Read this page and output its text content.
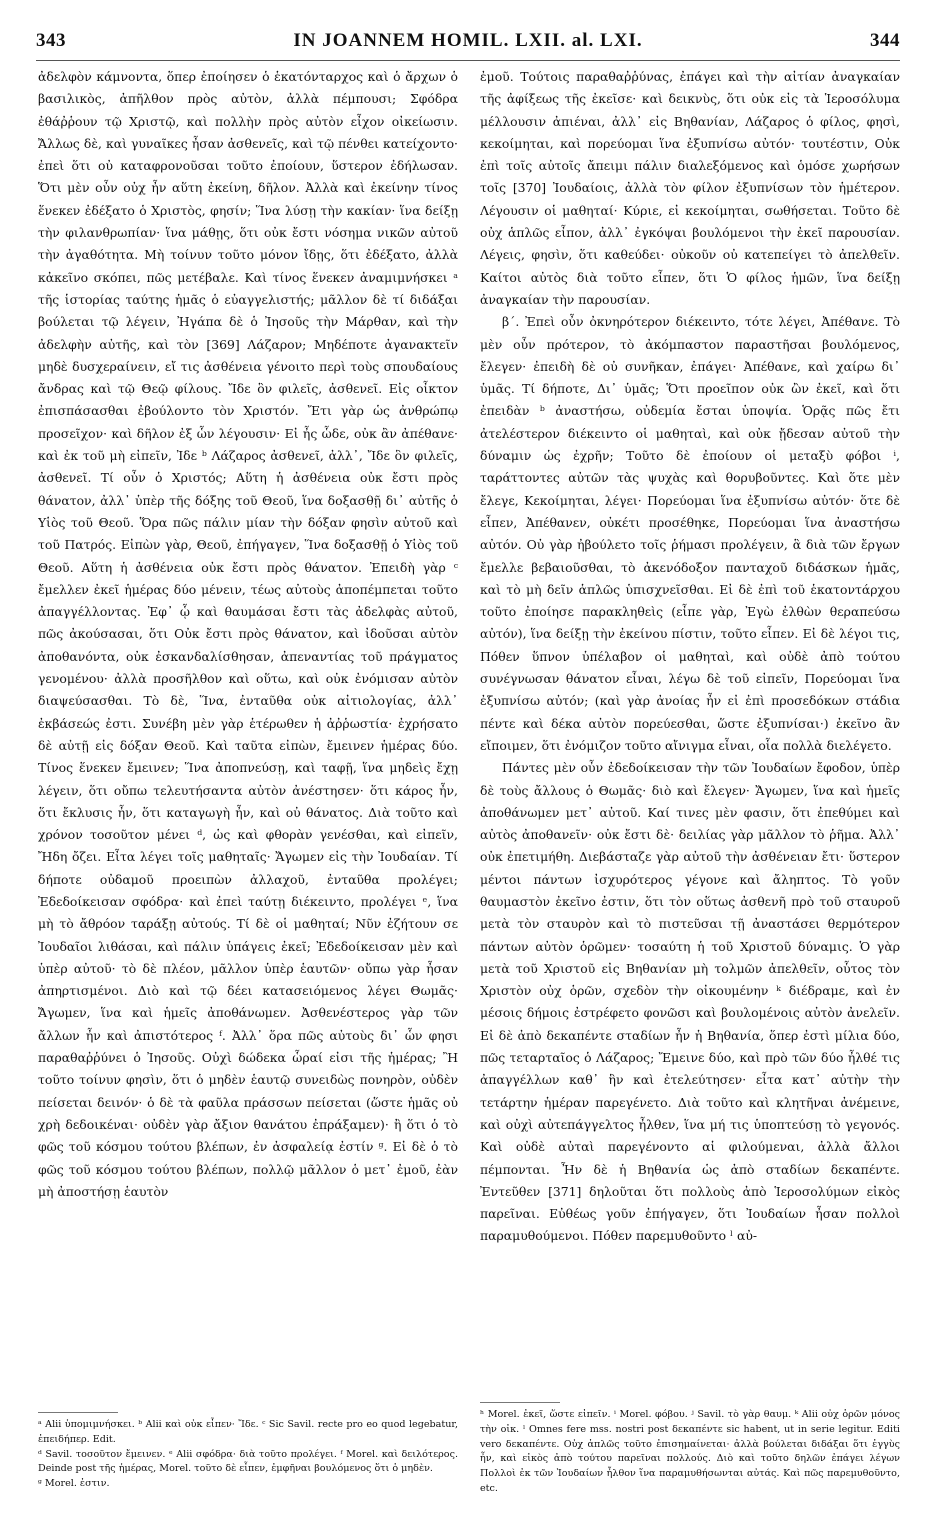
343	IN JOANNEM HOMIL. LXII. al. LXI.	344

ἀδελφὸν κάμνοντα, ὅπερ ἐποίησεν ὁ ἑκατόνταρχος καὶ ὁ ἄρχων ὁ βασιλικὸς, ἀπῆλθον πρὸς αὐτὸν, ἀλλὰ πέμπουσι; Σφόδρα ἐθάῤῥουν τῷ Χριστῷ, καὶ πολλὴν πρὸς αὐτὸν εἶχον οἰκείωσιν. Ἄλλως δὲ, καὶ γυναῖκες ἦσαν ἀσθενεῖς, καὶ τῷ πένθει κατείχοντο· ἐπεὶ ὅτι οὐ καταφρονοῦσαι τοῦτο ἐποίουν, ὕστερον ἐδήλωσαν. Ὅτι μὲν οὖν οὐχ ἦν αὕτη ἐκείνη, δῆλον. Ἀλλὰ καὶ ἐκείνην τίνος ἕνεκεν ἐδέξατο ὁ Χριστὸς, φησίν; Ἵνα λύσῃ τὴν κακίαν· ἵνα δείξῃ τὴν φιλανθρωπίαν· ἵνα μάθῃς, ὅτι οὐκ ἔστι νόσημα νικῶν αὐτοῦ τὴν ἀγαθότητα. Μὴ τοίνυν τοῦτο μόνον ἴδῃς, ὅτι ἐδέξατο, ἀλλὰ κἀκεῖνο σκόπει, πῶς μετέβαλε. Καὶ τίνος ἕνεκεν ἀναμιμνήσκει ᵃ τῆς ἱστορίας ταύτης ἡμᾶς ὁ εὐαγγελιστής; μᾶλλον δὲ τί διδάξαι βούλεται τῷ λέγειν, Ἠγάπα δὲ ὁ Ἰησοῦς τὴν Μάρθαν, καὶ τὴν ἀδελφὴν αὐτῆς, καὶ τὸν [369] Λάζαρον; Μηδέποτε ἀγανακτεῖν μηδὲ δυσχεραίνειν, εἴ τις ἀσθένεια γένοιτο περὶ τοὺς σπουδαίους ἄνδρας καὶ τῷ Θεῷ φίλους. Ἴδε ὃν φιλεῖς, ἀσθενεῖ. Εἰς οἶκτον ἐπισπάσασθαι ἐβούλοντο τὸν Χριστόν. Ἔτι γὰρ ὡς ἀνθρώπῳ προσεῖχον· καὶ δῆλον ἐξ ὧν λέγουσιν· Εἰ ἦς ὧδε, οὐκ ἂν ἀπέθανε· καὶ ἐκ τοῦ μὴ εἰπεῖν, Ἰδε ᵇ Λάζαρος ἀσθενεῖ, ἀλλ᾽, Ἴδε ὃν φιλεῖς, ἀσθενεῖ. Τί οὖν ὁ Χριστός; Αὕτη ἡ ἀσθένεια οὐκ ἔστι πρὸς θάνατον, ἀλλ᾽ ὑπὲρ τῆς δόξης τοῦ Θεοῦ, ἵνα δοξασθῇ δι᾽ αὐτῆς ὁ Υἱὸς τοῦ Θεοῦ. Ὅρα πῶς πάλιν μίαν τὴν δόξαν φησὶν αὐτοῦ καὶ τοῦ Πατρός. Εἰπὼν γὰρ, Θεοῦ, ἐπήγαγεν, Ἵνα δοξασθῇ ὁ Υἱὸς τοῦ Θεοῦ. Αὕτη ἡ ἀσθένεια οὐκ ἔστι πρὸς θάνατον. Ἐπειδὴ γὰρ ᶜ ἔμελλεν ἐκεῖ ἡμέρας δύο μένειν, τέως αὐτοὺς ἀποπέμπεται τοῦτο ἀπαγγέλλοντας. Ἐφ᾽ ᾧ καὶ θαυμάσαι ἔστι τὰς ἀδελφὰς αὐτοῦ, πῶς ἀκούσασαι, ὅτι Οὐκ ἔστι πρὸς θάνατον, καὶ ἰδοῦσαι αὐτὸν ἀποθανόντα, οὐκ ἐσκανδαλίσθησαν, ἀπεναντίας τοῦ πράγματος γενομένου· ἀλλὰ προσῆλθον καὶ οὕτω, καὶ οὐκ ἐνόμισαν αὐτὸν διαψεύσασθαι. Τὸ δὲ, Ἵνα, ἐνταῦθα οὐκ αἰτιολογίας, ἀλλ᾽ ἐκβάσεώς ἐστι. Συνέβη μὲν γὰρ ἑτέρωθεν ἡ ἀῤῥωστία· ἐχρήσατο δὲ αὐτῇ εἰς δόξαν Θεοῦ. Καὶ ταῦτα εἰπὼν, ἔμεινεν ἡμέρας δύο. Τίνος ἕνεκεν ἔμεινεν; Ἵνα ἀποπνεύσῃ, καὶ ταφῇ, ἵνα μηδεὶς ἔχῃ λέγειν, ὅτι οὔπω τελευτήσαντα αὐτὸν ἀνέστησεν· ὅτι κάρος ἦν, ὅτι ἔκλυσις ἦν, ὅτι καταγωγὴ ἦν, καὶ οὐ θάνατος. Διὰ τοῦτο καὶ χρόνον τοσοῦτον μένει ᵈ, ὡς καὶ φθορὰν γενέσθαι, καὶ εἰπεῖν, Ἤδη ὄζει. Εἶτα λέγει τοῖς μαθηταῖς· Ἄγωμεν εἰς τὴν Ἰουδαίαν. Τί δήποτε οὐδαμοῦ προειπὼν ἀλλαχοῦ, ἐνταῦθα προλέγει; Ἐδεδοίκεισαν σφόδρα· καὶ ἐπεὶ ταύτῃ διέκειντο, προλέγει ᵉ, ἵνα μὴ τὸ ἄθρόον ταράξῃ αὐτούς. Τί δὲ οἱ μαθηταί; Νῦν ἐζήτουν σε Ἰουδαῖοι λιθάσαι, καὶ πάλιν ὑπάγεις ἐκεῖ; Ἐδεδοίκεισαν μὲν καὶ ὑπὲρ αὐτοῦ· τὸ δὲ πλέον, μᾶλλον ὑπὲρ ἑαυτῶν· οὔπω γὰρ ἦσαν ἀπηρτισμένοι. Διὸ καὶ τῷ δέει κατασειόμενος λέγει Θωμᾶς· Ἄγωμεν, ἵνα καὶ ἡμεῖς ἀποθάνωμεν. Ἀσθενέστερος γὰρ τῶν ἄλλων ἦν καὶ ἀπιστότερος ᶠ. Ἀλλ᾽ ὅρα πῶς αὐτοὺς δι᾽ ὧν φησι παραθαῤῥύνει ὁ Ἰησοῦς. Οὐχὶ δώδεκα ὧραί εἰσι τῆς ἡμέρας; Ἢ τοῦτο τοίνυν φησὶν, ὅτι ὁ μηδὲν ἑαυτῷ συνειδὼς πονηρὸν, οὐδὲν πείσεται δεινόν· ὁ δὲ τὰ φαῦλα πράσσων πείσεται (ὥστε ἡμᾶς οὐ χρὴ δεδοικέναι· οὐδὲν γὰρ ἄξιον θανάτου ἐπράξαμεν)· ἢ ὅτι ὁ τὸ φῶς τοῦ κόσμου τούτου βλέπων, ἐν ἀσφαλείᾳ ἐστίν ᵍ. Εἰ δὲ ὁ τὸ φῶς τοῦ κόσμου τούτου βλέπων, πολλῷ μᾶλλον ὁ μετ᾽ ἐμοῦ, ἐὰν μὴ ἀποστήσῃ ἑαυτὸν

ἐμοῦ. Τούτοις παραθαῤῥύνας, ἐπάγει καὶ τὴν αἰτίαν ἀναγκαίαν τῆς ἀφίξεως τῆς ἐκεῖσε· καὶ δεικνὺς, ὅτι οὐκ εἰς τὰ Ἱεροσόλυμα μέλλουσιν ἀπιέναι, ἀλλ᾽ εἰς Βηθανίαν, Λάζαρος ὁ φίλος, φησὶ, κεκοίμηται, καὶ πορεύομαι ἵνα ἐξυπνίσω αὐτόν· τουτέστιν, Οὐκ ἐπὶ τοῖς αὐτοῖς ἄπειμι πάλιν διαλεξόμενος καὶ ὁμόσε χωρήσων τοῖς [370] Ἰουδαίοις, ἀλλὰ τὸν φίλον ἐξυπνίσων τὸν ἡμέτερον. Λέγουσιν οἱ μαθηταί· Κύριε, εἰ κεκοίμηται, σωθήσεται. Τοῦτο δὲ οὐχ ἁπλῶς εἶπον, ἀλλ᾽ ἐγκόψαι βουλόμενοι τὴν ἐκεῖ παρουσίαν. Λέγεις, φησὶν, ὅτι καθεύδει· οὐκοῦν οὐ κατεπείγει τὸ ἀπελθεῖν. Καίτοι αὐτὸς διὰ τοῦτο εἶπεν, ὅτι Ὁ φίλος ἡμῶν, ἵνα δείξῃ ἀναγκαίαν τὴν παρουσίαν.

β΄. Ἐπεὶ οὖν ὀκνηρότερον διέκειντο, τότε λέγει, Ἀπέθανε. Τὸ μὲν οὖν πρότερον, τὸ ἀκόμπαστον παραστῆσαι βουλόμενος, ἔλεγεν· ἐπειδὴ δὲ οὐ συνῆκαν, ἐπάγει· Ἀπέθανε, καὶ χαίρω δι᾽ ὑμᾶς. Τί δήποτε, Δι᾽ ὑμᾶς; Ὅτι προεῖπον οὐκ ὢν ἐκεῖ, καὶ ὅτι ἐπειδὰν ᵇ ἀναστήσω, οὐδεμία ἔσται ὑποψία. Ὁρᾷς πῶς ἔτι ἀτελέστερον διέκειντο οἱ μαθηταὶ, καὶ οὐκ ᾔδεσαν αὐτοῦ τὴν δύναμιν ὡς ἐχρῆν; Τοῦτο δὲ ἐποίουν οἱ μεταξὺ φόβοι ⁱ, ταράττοντες αὐτῶν τὰς ψυχὰς καὶ θορυβοῦντες. Καὶ ὅτε μὲν ἔλεγε, Κεκοίμηται, λέγει· Πορεύομαι ἵνα ἐξυπνίσω αὐτόν· ὅτε δὲ εἶπεν, Ἀπέθανεν, οὐκέτι προσέθηκε, Πορεύομαι ἵνα ἀναστήσω αὐτόν. Οὐ γὰρ ἠβούλετο τοῖς ῥήμασι προλέγειν, ἃ διὰ τῶν ἔργων ἔμελλε βεβαιοῦσθαι, τὸ ἀκενόδοξον πανταχοῦ διδάσκων ἡμᾶς, καὶ τὸ μὴ δεῖν ἁπλῶς ὑπισχνεῖσθαι. Εἰ δὲ ἐπὶ τοῦ ἑκατοντάρχου τοῦτο ἐποίησε παρακληθεὶς (εἶπε γὰρ, Ἐγὼ ἐλθὼν θεραπεύσω αὐτόν), ἵνα δείξῃ τὴν ἐκείνου πίστιν, τοῦτο εἶπεν. Εἰ δὲ λέγοι τις, Πόθεν ὕπνον ὑπέλαβον οἱ μαθηταὶ, καὶ οὐδὲ ἀπὸ τούτου συνέγνωσαν θάνατον εἶναι, λέγω δὲ τοῦ εἰπεῖν, Πορεύομαι ἵνα ἐξυπνίσω αὐτόν; (καὶ γὰρ ἀνοίας ἦν εἰ ἐπὶ προσεδόκων στάδια πέντε καὶ δέκα αὐτὸν πορεύεσθαι, ὥστε ἐξυπνίσαι·) ἐκεῖνο ἂν εἴποιμεν, ὅτι ἐνόμιζον τοῦτο αἴνιγμα εἶναι, οἷα πολλὰ διελέγετο.

Πάντες μὲν οὖν ἐδεδοίκεισαν τὴν τῶν Ἰουδαίων ἔφοδον, ὑπὲρ δὲ τοὺς ἄλλους ὁ Θωμᾶς· διὸ καὶ ἔλεγεν· Ἄγωμεν, ἵνα καὶ ἡμεῖς ἀποθάνωμεν μετ᾽ αὐτοῦ. Καί τινες μὲν φασιν, ὅτι ἐπεθύμει καὶ αὐτὸς ἀποθανεῖν· οὐκ ἔστι δὲ· δειλίας γὰρ μᾶλλον τὸ ῥῆμα. Ἀλλ᾽ οὐκ ἐπετιμήθη. Διεβάσταζε γὰρ αὐτοῦ τὴν ἀσθένειαν ἔτι· ὕστερον μέντοι πάντων ἰσχυρότερος γέγονε καὶ ἄληπτος. Τὸ γοῦν θαυμαστὸν ἐκεῖνο ἐστιν, ὅτι τὸν οὕτως ἀσθενῆ πρὸ τοῦ σταυροῦ μετὰ τὸν σταυρὸν καὶ τὸ πιστεῦσαι τῇ ἀναστάσει θερμότερον πάντων αὐτὸν ὁρῶμεν· τοσαύτη ἡ τοῦ Χριστοῦ δύναμις. Ὁ γὰρ μετὰ τοῦ Χριστοῦ εἰς Βηθανίαν μὴ τολμῶν ἀπελθεῖν, οὗτος τὸν Χριστὸν οὐχ ὁρῶν, σχεδὸν τὴν οἰκουμένην ᵏ διέδραμε, καὶ ἐν μέσοις δήμοις ἐστρέφετο φονῶσι καὶ βουλομένοις αὐτὸν ἀνελεῖν. Εἰ δὲ ἀπὸ δεκαπέντε σταδίων ἦν ἡ Βηθανία, ὅπερ ἐστὶ μίλια δύο, πῶς τεταρταῖος ὁ Λάζαρος; Ἔμεινε δύο, καὶ πρὸ τῶν δύο ἦλθέ τις ἀπαγγέλλων καθ᾽ ἣν καὶ ἐτελεύτησεν· εἶτα κατ᾽ αὐτὴν τὴν τετάρτην ἡμέραν παρεγένετο. Διὰ τοῦτο καὶ κλητῆναι ἀνέμεινε, καὶ οὐχὶ αὐτεπάγγελτος ἦλθεν, ἵνα μή τις ὑποπτεύσῃ τὸ γεγονός. Καὶ οὐδὲ αὐταὶ παρεγένοντο αἱ φιλούμεναι, ἀλλὰ ἄλλοι πέμπονται. Ἦν δὲ ἡ Βηθανία ὡς ἀπὸ σταδίων δεκαπέντε. Ἐντεῦθεν [371] δηλοῦται ὅτι πολλοὺς ἀπὸ Ἱεροσολύμων εἰκὸς παρεῖναι. Εὐθέως γοῦν ἐπήγαγεν, ὅτι Ἰουδαίων ἦσαν πολλοὶ παραμυθούμενοι. Πόθεν παρεμυθοῦντο ˡ αὐ-

ᵃ Alii ὑπομιμνήσκει. ᵇ Alii καὶ οὐκ εἶπεν· Ἴδε. ᶜ Sic Savil. recte pro eo quod legebatur, ἐπειδήπερ. Edit.
ᵈ Savil. τοσοῦτον ἔμεινεν. ᵉ Alii σφόδρα· διὰ τοῦτο προλέγει. ᶠ Morel. καὶ δειλότερος. Deinde post τῆς ἡμέρας, Morel. τοῦτο δὲ εἶπεν, ἐμφῆναι βουλόμενος ὅτι ὁ μηδὲν.
ᵍ Morel. ἐστιν.
ʰ Morel. ἐκεῖ, ὥστε εἰπεῖν. ⁱ Morel. φόβου. ʲ Savil. τὸ γὰρ θαυμ. ᵏ Alii οὐχ ὁρῶν μόνος τὴν οἰκ. ˡ Omnes fere mss. nostri post δεκαπέντε sic habent, ut in serie legitur. Editi vero δεκαπέντε. Οὐχ ἁπλῶς τοῦτο ἐπισημαίνεται· ἀλλὰ βούλεται διδάξαι ὅτι ἐγγὺς ἦν, καὶ εἰκὸς ἀπὸ τούτου παρεῖναι πολλούς. Διὸ καὶ τοῦτο δηλῶν ἐπάγει λέγων Πολλοὶ ἐκ τῶν Ἰουδαίων ἦλθον ἵνα παραμυθήσωνται αὐτάς. Καὶ πῶς παρεμυθοῦντο, etc.
